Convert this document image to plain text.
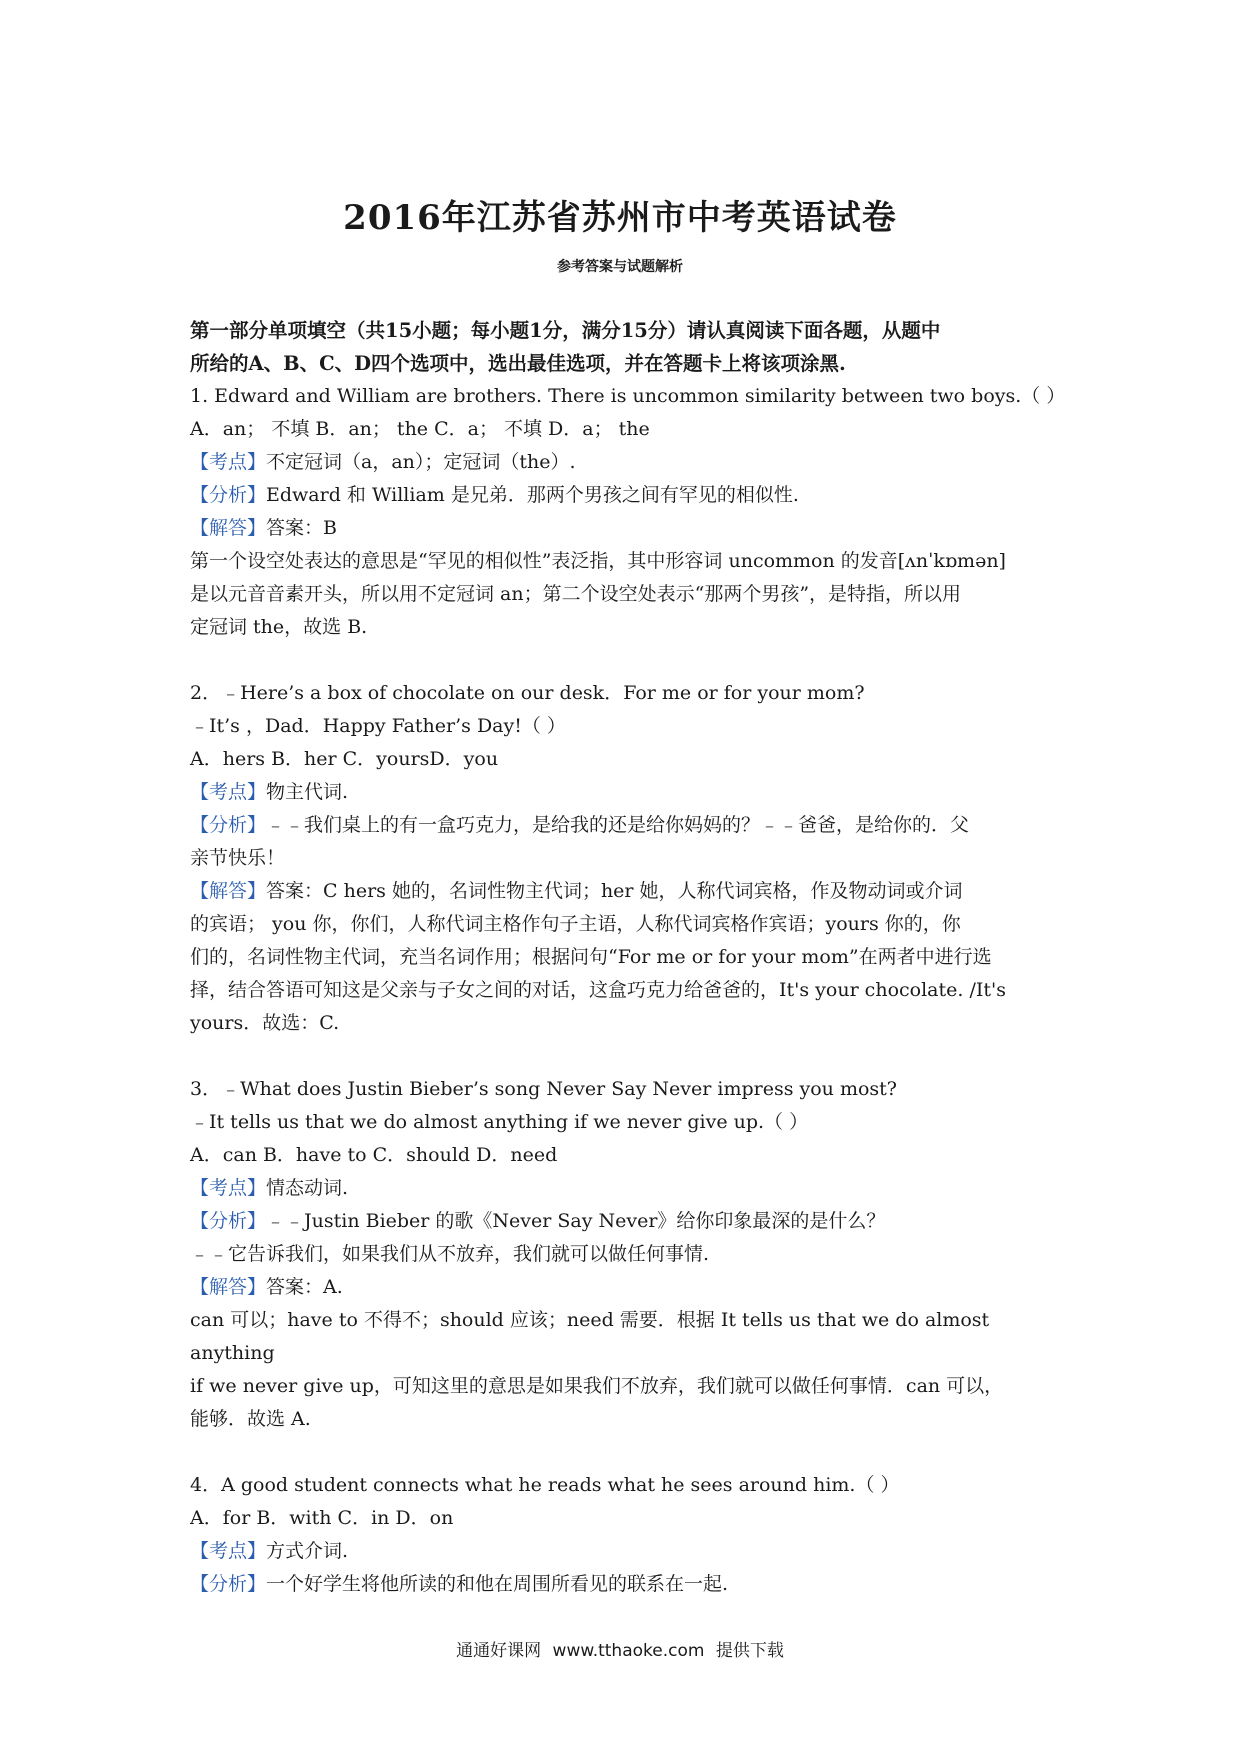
2016年江苏省苏州市中考英语试卷
参考答案与试题解析

第一部分单项填空（共15小题；每小题1分，满分15分）请认真阅读下面各题，从题中

所给的A、B、C、D四个选项中，选出最佳选项，并在答题卡上将该项涂黑.

1. Edward and William are brothers. There is uncommon similarity between two boys.（ ）

A．an； 不填 B．an； the C．a； 不填 D．a； the

【考点】不定冠词（a，an）；定冠词（the）.

【分析】Edward 和 William 是兄弟．那两个男孩之间有罕见的相似性.

【解答】答案：B

第一个设空处表达的意思是“罕见的相似性”表泛指，其中形容词 uncommon 的发音[ʌnˈkɒmən]

是以元音音素开头，所以用不定冠词 an；第二个设空处表示“那两个男孩”，是特指，所以用

定冠词 the，故选 B.

2．﹣Here’s a box of chocolate on our desk．For me or for your mom?

﹣It’s ，Dad．Happy Father’s Day!（ ）

A．hers B．her C．yoursD．you

【考点】物主代词.

【分析】﹣﹣我们桌上的有一盒巧克力，是给我的还是给你妈妈的？﹣﹣爸爸，是给你的．父

亲节快乐！

【解答】答案：C hers 她的，名词性物主代词；her 她，人称代词宾格，作及物动词或介词

的宾语； you 你，你们，人称代词主格作句子主语，人称代词宾格作宾语；yours 你的，你

们的，名词性物主代词，充当名词作用；根据问句“For me or for your mom”在两者中进行选

择，结合答语可知这是父亲与子女之间的对话，这盒巧克力给爸爸的，It's your chocolate. /It's

yours．故选：C.

3．﹣What does Justin Bieber’s song Never Say Never impress you most?

﹣It tells us that we do almost anything if we never give up.（ ）

A．can B．have to C．should D．need

【考点】情态动词.

【分析】﹣﹣Justin Bieber 的歌《Never Say Never》给你印象最深的是什么？

﹣﹣它告诉我们，如果我们从不放弃，我们就可以做任何事情.

【解答】答案：A.

can 可以；have to 不得不；should 应该；need 需要．根据 It tells us that we do almost anything

if we never give up，可知这里的意思是如果我们不放弃，我们就可以做任何事情．can 可以，

能够．故选 A.

4．A good student connects what he reads what he sees around him.（ ）

A．for B．with C．in D．on

【考点】方式介词.

【分析】一个好学生将他所读的和他在周围所看见的联系在一起.

通通好课网 www.tthaoke.com 提供下载
